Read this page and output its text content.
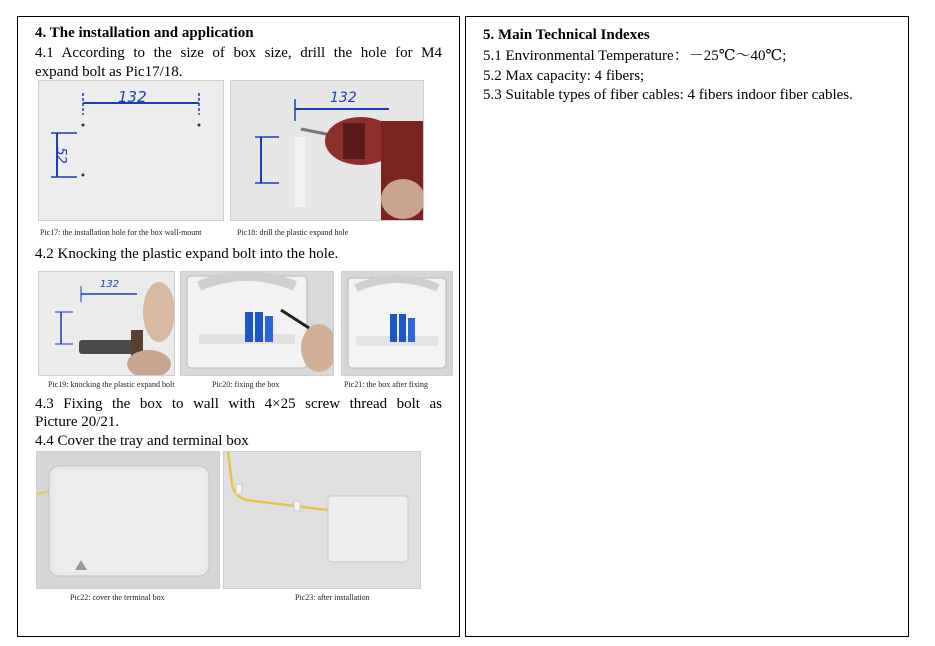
4. The installation and application
4.1 According to the size of box size, drill the hole for M4
expand bolt as Pic17/18.
132
52
132
Pic17: the installation hole for the box wall-mount	Pic18: drill the plastic expand hole
4.2 Knocking the plastic expand bolt into the hole.
132
Pic19: knocking the plastic expand bolt	Pic20: fixing the box	Pic21: the box after fixing
4.3 Fixing the box to wall with 4×25 screw thread bolt as
Picture 20/21.
4.4 Cover the tray and terminal box
Pic22: cover the terminal box	Pic23: after installation
5. Main Technical Indexes
5.1 Environmental Temperature：－25℃～40℃;
5.2 Max capacity: 4 fibers;
5.3 Suitable types of fiber cables: 4 fibers indoor fiber cables.
